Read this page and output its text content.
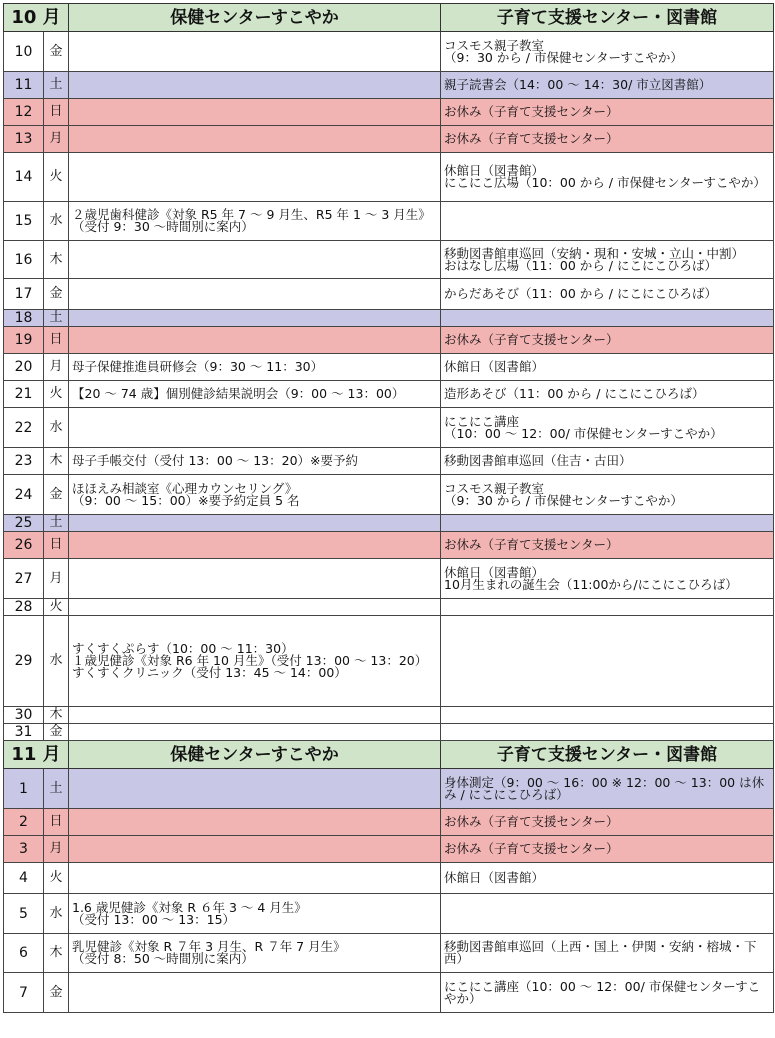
10 月		保健センターすこやか	子育て支援センター・図書館
10	金		コスモス親子教室
（9：30 から / 市保健センターすこやか）
11	土		親子読書会（14：00 ～ 14：30/ 市立図書館）
12	日		お休み（子育て支援センター）
13	月		お休み（子育て支援センター）
14	火		休館日（図書館）
にこにこ広場（10：00 から / 市保健センターすこやか）
15	水	２歳児歯科健診《対象 R5 年 7 ～ 9 月生、R5 年 1 ～ 3 月生》（受付 9：30 ～時間別に案内）	
16	木		移動図書館車巡回（安納・現和・安城・立山・中割）
おはなし広場（11：00 から / にこにこひろば）
17	金		からだあそび（11：00 から / にこにこひろば）
18	土		
19	日		お休み（子育て支援センター）
20	月	母子保健推進員研修会（9：30 ～ 11：30）	休館日（図書館）
21	火	【20 ～ 74 歳】個別健診結果説明会（9：00 ～ 13：00）	造形あそび（11：00 から / にこにこひろば）
22	水		にこにこ講座
（10：00 ～ 12：00/ 市保健センターすこやか）
23	木	母子手帳交付（受付 13：00 ～ 13：20）※要予約	移動図書館車巡回（住吉・古田）
24	金	ほほえみ相談室《心理カウンセリング》
（9：00 ～ 15：00）※要予約定員 5 名	コスモス親子教室
（9：30 から / 市保健センターすこやか）
25	土		
26	日		お休み（子育て支援センター）
27	月		休館日（図書館）
10月生まれの誕生会（11:00から/にこにこひろば）
28	火		
29	水	すくすくぷらす（10：00 ～ 11：30）
１歳児健診《対象 R6 年 10 月生》（受付 13：00 ～ 13：20）
すくすくクリニック（受付 13：45 ～ 14：00）	
30	木		
31	金		
11 月		保健センターすこやか	子育て支援センター・図書館
1	土		身体測定（9：00 ～ 16：00 ※ 12：00 ～ 13：00 は休み / にこにこひろば）
2	日		お休み（子育て支援センター）
3	月		お休み（子育て支援センター）
4	火		休館日（図書館）
5	水	1.6 歳児健診《対象 R ６年 3 ～ 4 月生》
（受付 13：00 ～ 13：15）	
6	木	乳児健診《対象 R ７年 3 月生、R ７年 7 月生》
（受付 8：50 ～時間別に案内）	移動図書館車巡回（上西・国上・伊関・安納・榕城・下西）
7	金		にこにこ講座（10：00 ～ 12：00/ 市保健センターすこやか）
